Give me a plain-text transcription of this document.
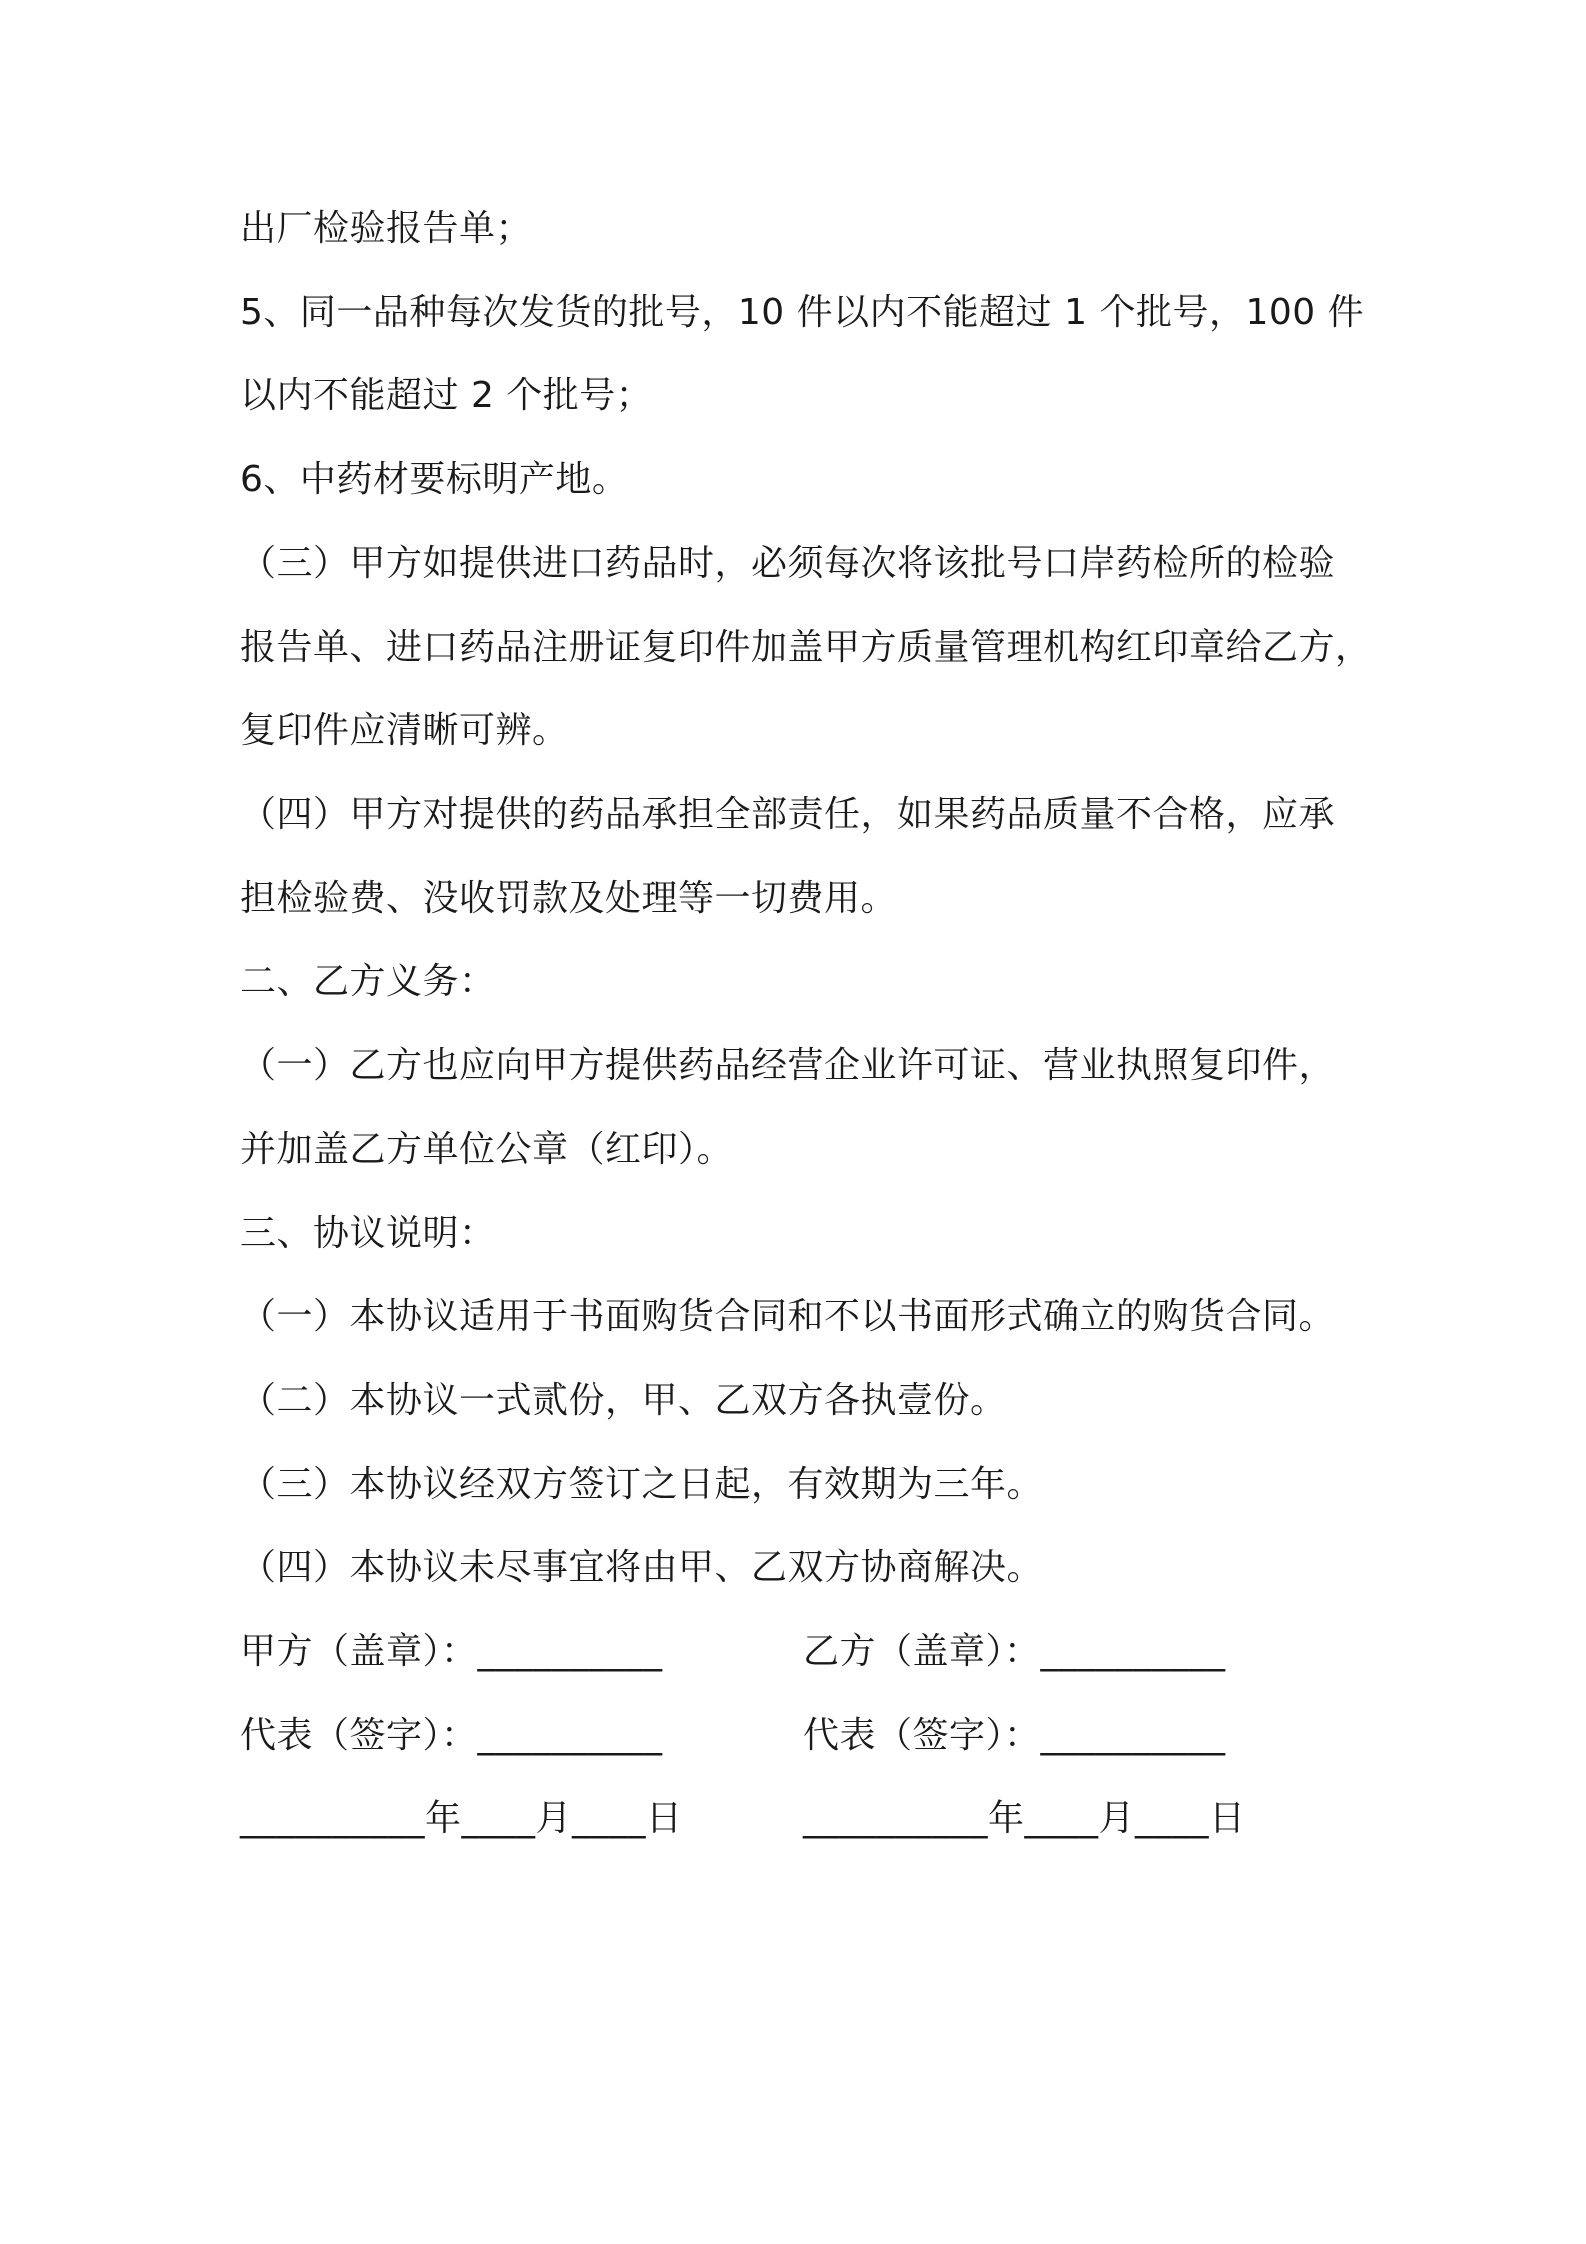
出厂检验报告单；
5、同一品种每次发货的批号，10 件以内不能超过 1 个批号，100 件
以内不能超过 2 个批号；
6、中药材要标明产地。
（三）甲方如提供进口药品时，必须每次将该批号口岸药检所的检验
报告单、进口药品注册证复印件加盖甲方质量管理机构红印章给乙方，
复印件应清晰可辨。
（四）甲方对提供的药品承担全部责任，如果药品质量不合格，应承
担检验费、没收罚款及处理等一切费用。
二、乙方义务：
（一）乙方也应向甲方提供药品经营企业许可证、营业执照复印件，
并加盖乙方单位公章（红印）。
三、协议说明：
（一）本协议适用于书面购货合同和不以书面形式确立的购货合同。
（二）本协议一式贰份，甲、乙双方各执壹份。
（三）本协议经双方签订之日起，有效期为三年。
（四）本协议未尽事宜将由甲、乙双方协商解决。
甲方（盖章）：__________	乙方（盖章）：__________
代表（签字）：__________	代表（签字）：__________
__________年____月____日	__________年____月____日
